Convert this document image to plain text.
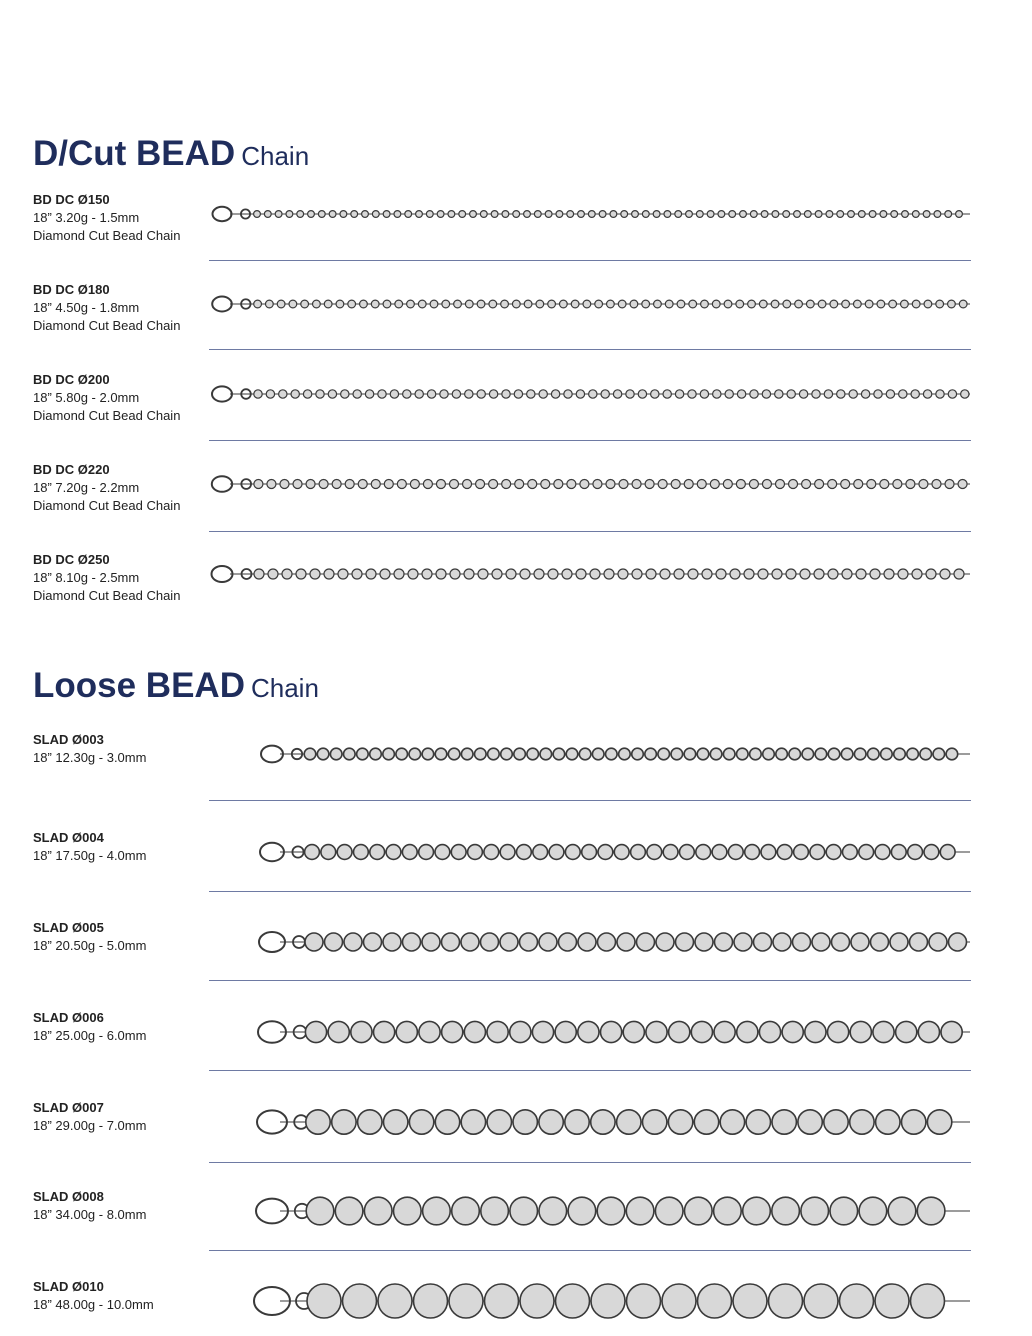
D/Cut BEAD Chain
BD DC Ø150
18” 3.20g - 1.5mm
Diamond Cut Bead Chain
BD DC Ø180
18” 4.50g - 1.8mm
Diamond Cut Bead Chain
BD DC Ø200
18” 5.80g - 2.0mm
Diamond Cut Bead Chain
BD DC Ø220
18” 7.20g - 2.2mm
Diamond Cut Bead Chain
BD DC Ø250
18” 8.10g - 2.5mm
Diamond Cut Bead Chain
Loose BEAD Chain
SLAD Ø003
18” 12.30g - 3.0mm
SLAD Ø004
18” 17.50g - 4.0mm
SLAD Ø005
18” 20.50g - 5.0mm
SLAD Ø006
18” 25.00g - 6.0mm
SLAD Ø007
18” 29.00g - 7.0mm
SLAD Ø008
18” 34.00g - 8.0mm
SLAD Ø010
18” 48.00g - 10.0mm
